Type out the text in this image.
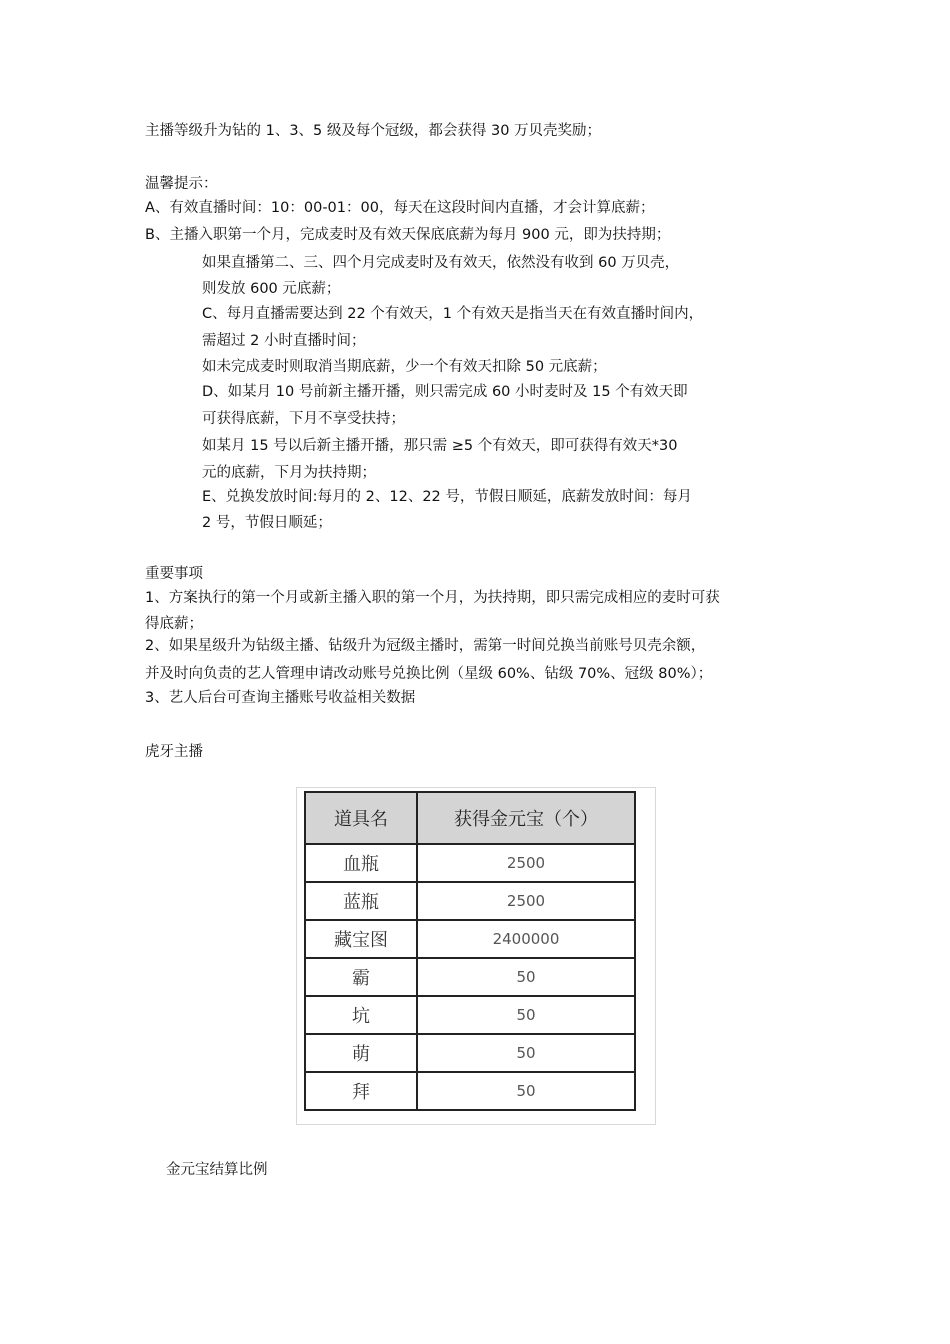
主播等级升为钻的 1、3、5 级及每个冠级，都会获得 30 万贝壳奖励；
温馨提示：
A、有效直播时间：10：00-01：00，每天在这段时间内直播，才会计算底薪；
B、主播入职第一个月，完成麦时及有效天保底底薪为每月 900 元，即为扶持期；
如果直播第二、三、四个月完成麦时及有效天，依然没有收到 60 万贝壳，
则发放 600 元底薪；
C、每月直播需要达到 22 个有效天，1 个有效天是指当天在有效直播时间内，
需超过 2 小时直播时间；
如未完成麦时则取消当期底薪，少一个有效天扣除 50 元底薪；
D、如某月 10 号前新主播开播，则只需完成 60 小时麦时及 15 个有效天即
可获得底薪，下月不享受扶持；
如某月 15 号以后新主播开播，那只需 ≥5 个有效天，即可获得有效天*30
元的底薪，下月为扶持期；
E、兑换发放时间:每月的 2、12、22 号，节假日顺延，底薪发放时间：每月
2 号，节假日顺延；
重要事项
1、方案执行的第一个月或新主播入职的第一个月，为扶持期，即只需完成相应的麦时可获
得底薪；
2、如果星级升为钻级主播、钻级升为冠级主播时，需第一时间兑换当前账号贝壳余额，
并及时向负责的艺人管理申请改动账号兑换比例（星级 60%、钻级 70%、冠级 80%）；
3、艺人后台可查询主播账号收益相关数据
虎牙主播
道具名	获得金元宝（个）
血瓶	2500
蓝瓶	2500
藏宝图	2400000
霸	50
坑	50
萌	50
拜	50
金元宝结算比例
